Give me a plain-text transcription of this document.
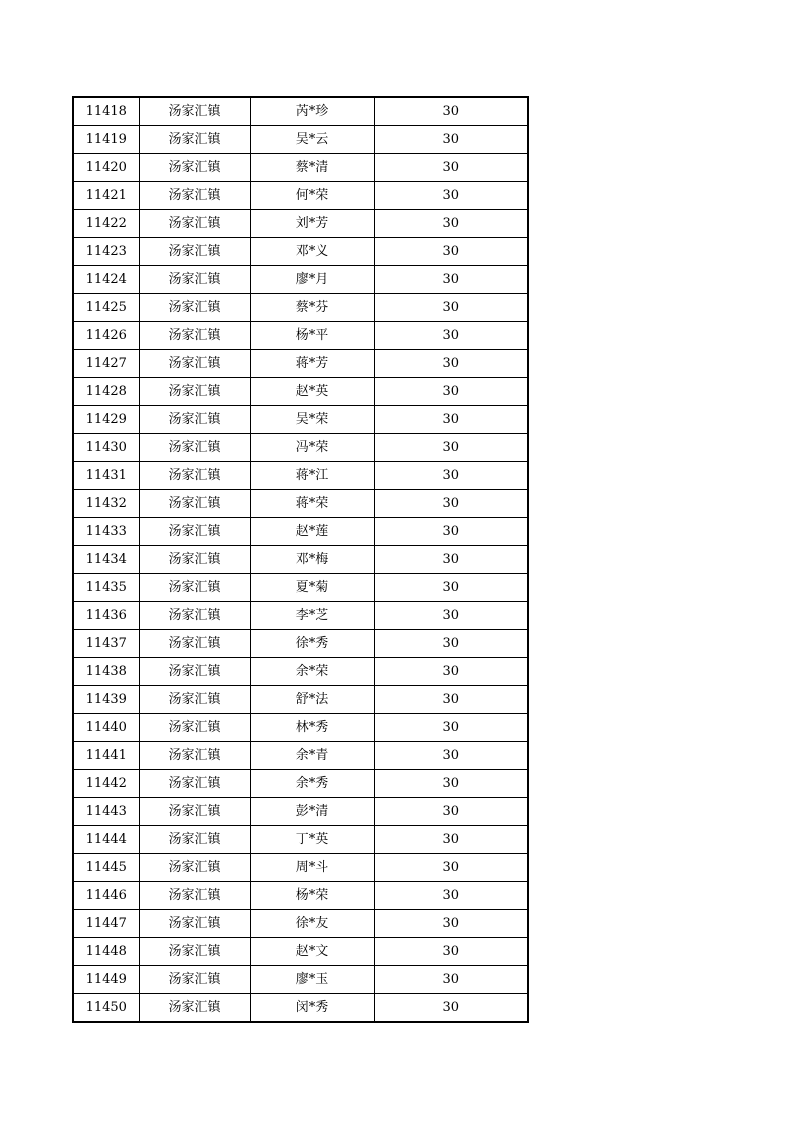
11418	汤家汇镇	芮*珍	30
11419	汤家汇镇	吴*云	30
11420	汤家汇镇	蔡*清	30
11421	汤家汇镇	何*荣	30
11422	汤家汇镇	刘*芳	30
11423	汤家汇镇	邓*义	30
11424	汤家汇镇	廖*月	30
11425	汤家汇镇	蔡*芬	30
11426	汤家汇镇	杨*平	30
11427	汤家汇镇	蒋*芳	30
11428	汤家汇镇	赵*英	30
11429	汤家汇镇	吴*荣	30
11430	汤家汇镇	冯*荣	30
11431	汤家汇镇	蒋*江	30
11432	汤家汇镇	蒋*荣	30
11433	汤家汇镇	赵*莲	30
11434	汤家汇镇	邓*梅	30
11435	汤家汇镇	夏*菊	30
11436	汤家汇镇	李*芝	30
11437	汤家汇镇	徐*秀	30
11438	汤家汇镇	余*荣	30
11439	汤家汇镇	舒*法	30
11440	汤家汇镇	林*秀	30
11441	汤家汇镇	余*青	30
11442	汤家汇镇	余*秀	30
11443	汤家汇镇	彭*清	30
11444	汤家汇镇	丁*英	30
11445	汤家汇镇	周*斗	30
11446	汤家汇镇	杨*荣	30
11447	汤家汇镇	徐*友	30
11448	汤家汇镇	赵*文	30
11449	汤家汇镇	廖*玉	30
11450	汤家汇镇	闵*秀	30
